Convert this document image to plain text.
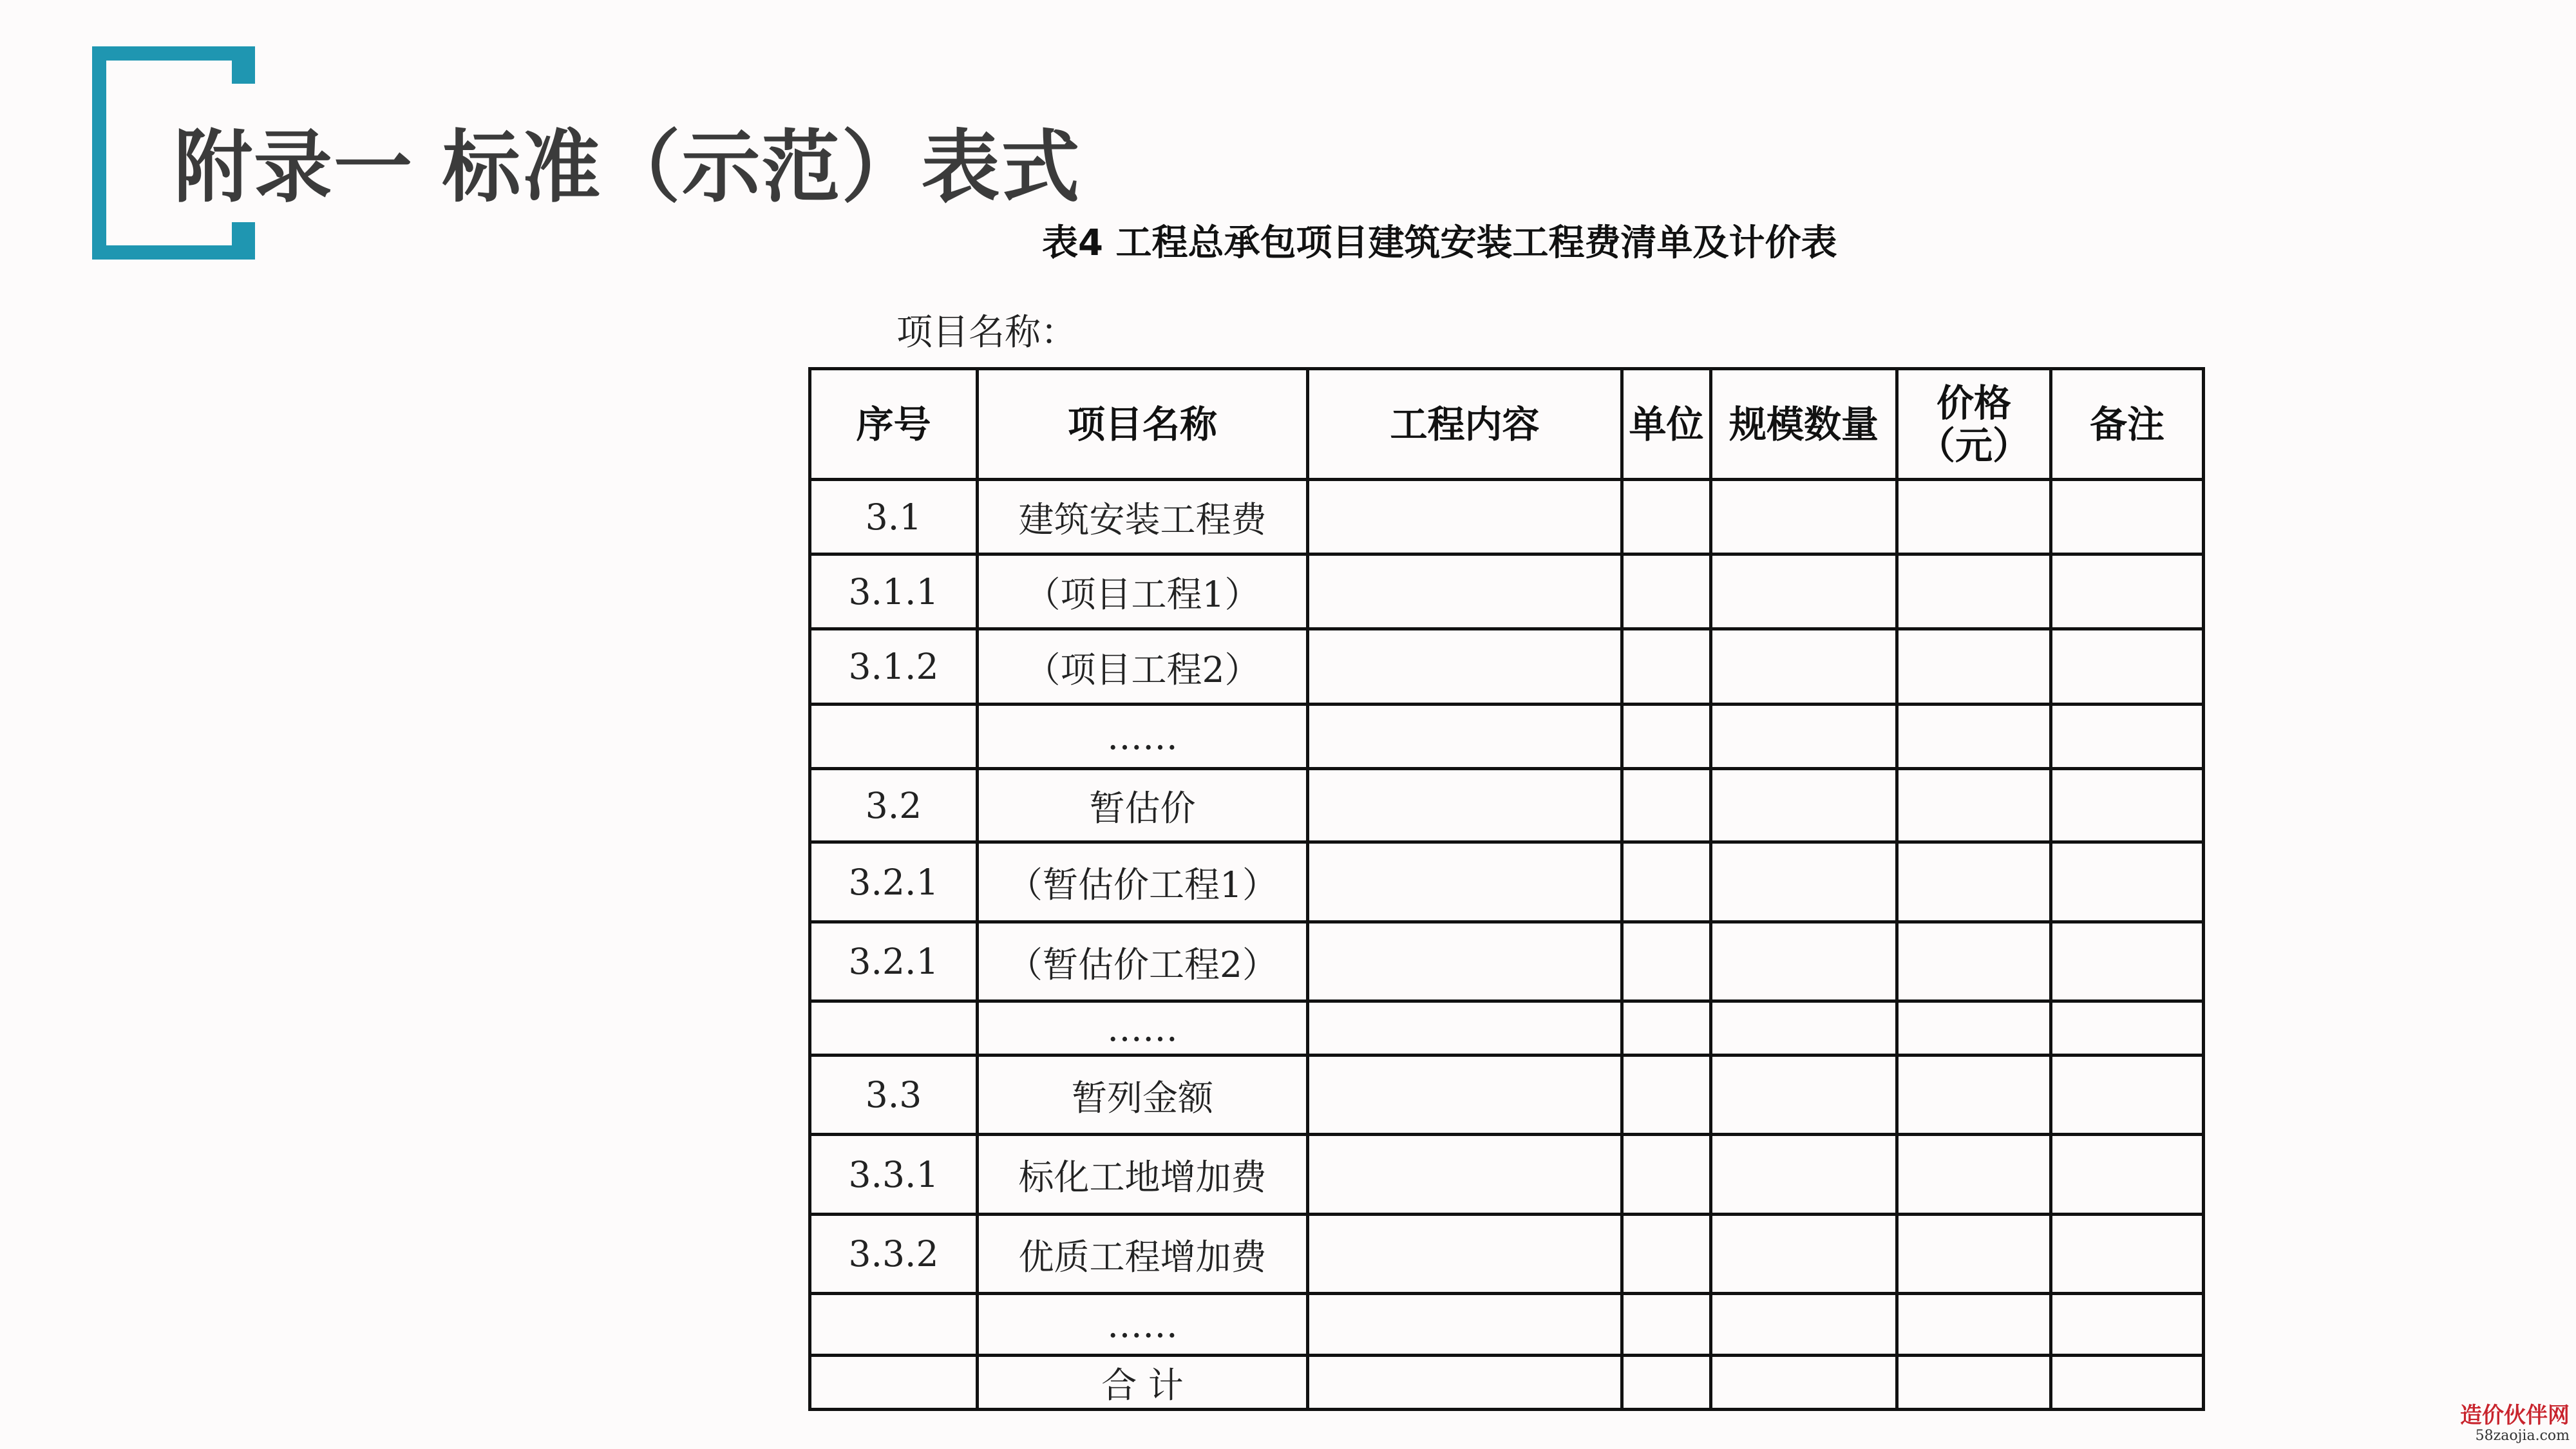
附录一 标准（示范）表式
表4 工程总承包项目建筑安装工程费清单及计价表
项目名称：
序号	项目名称	工程内容	单位	规模数量	价格（元）	备注
3.1	建筑安装工程费					
3.1.1	（项目工程1）					
3.1.2	（项目工程2）					
	……					
3.2	暂估价					
3.2.1	（暂估价工程1）					
3.2.1	（暂估价工程2）					
	……					
3.3	暂列金额					
3.3.1	标化工地增加费					
3.3.2	优质工程增加费					
	……					
	合 计					
造价伙伴网
58zaojia.com
